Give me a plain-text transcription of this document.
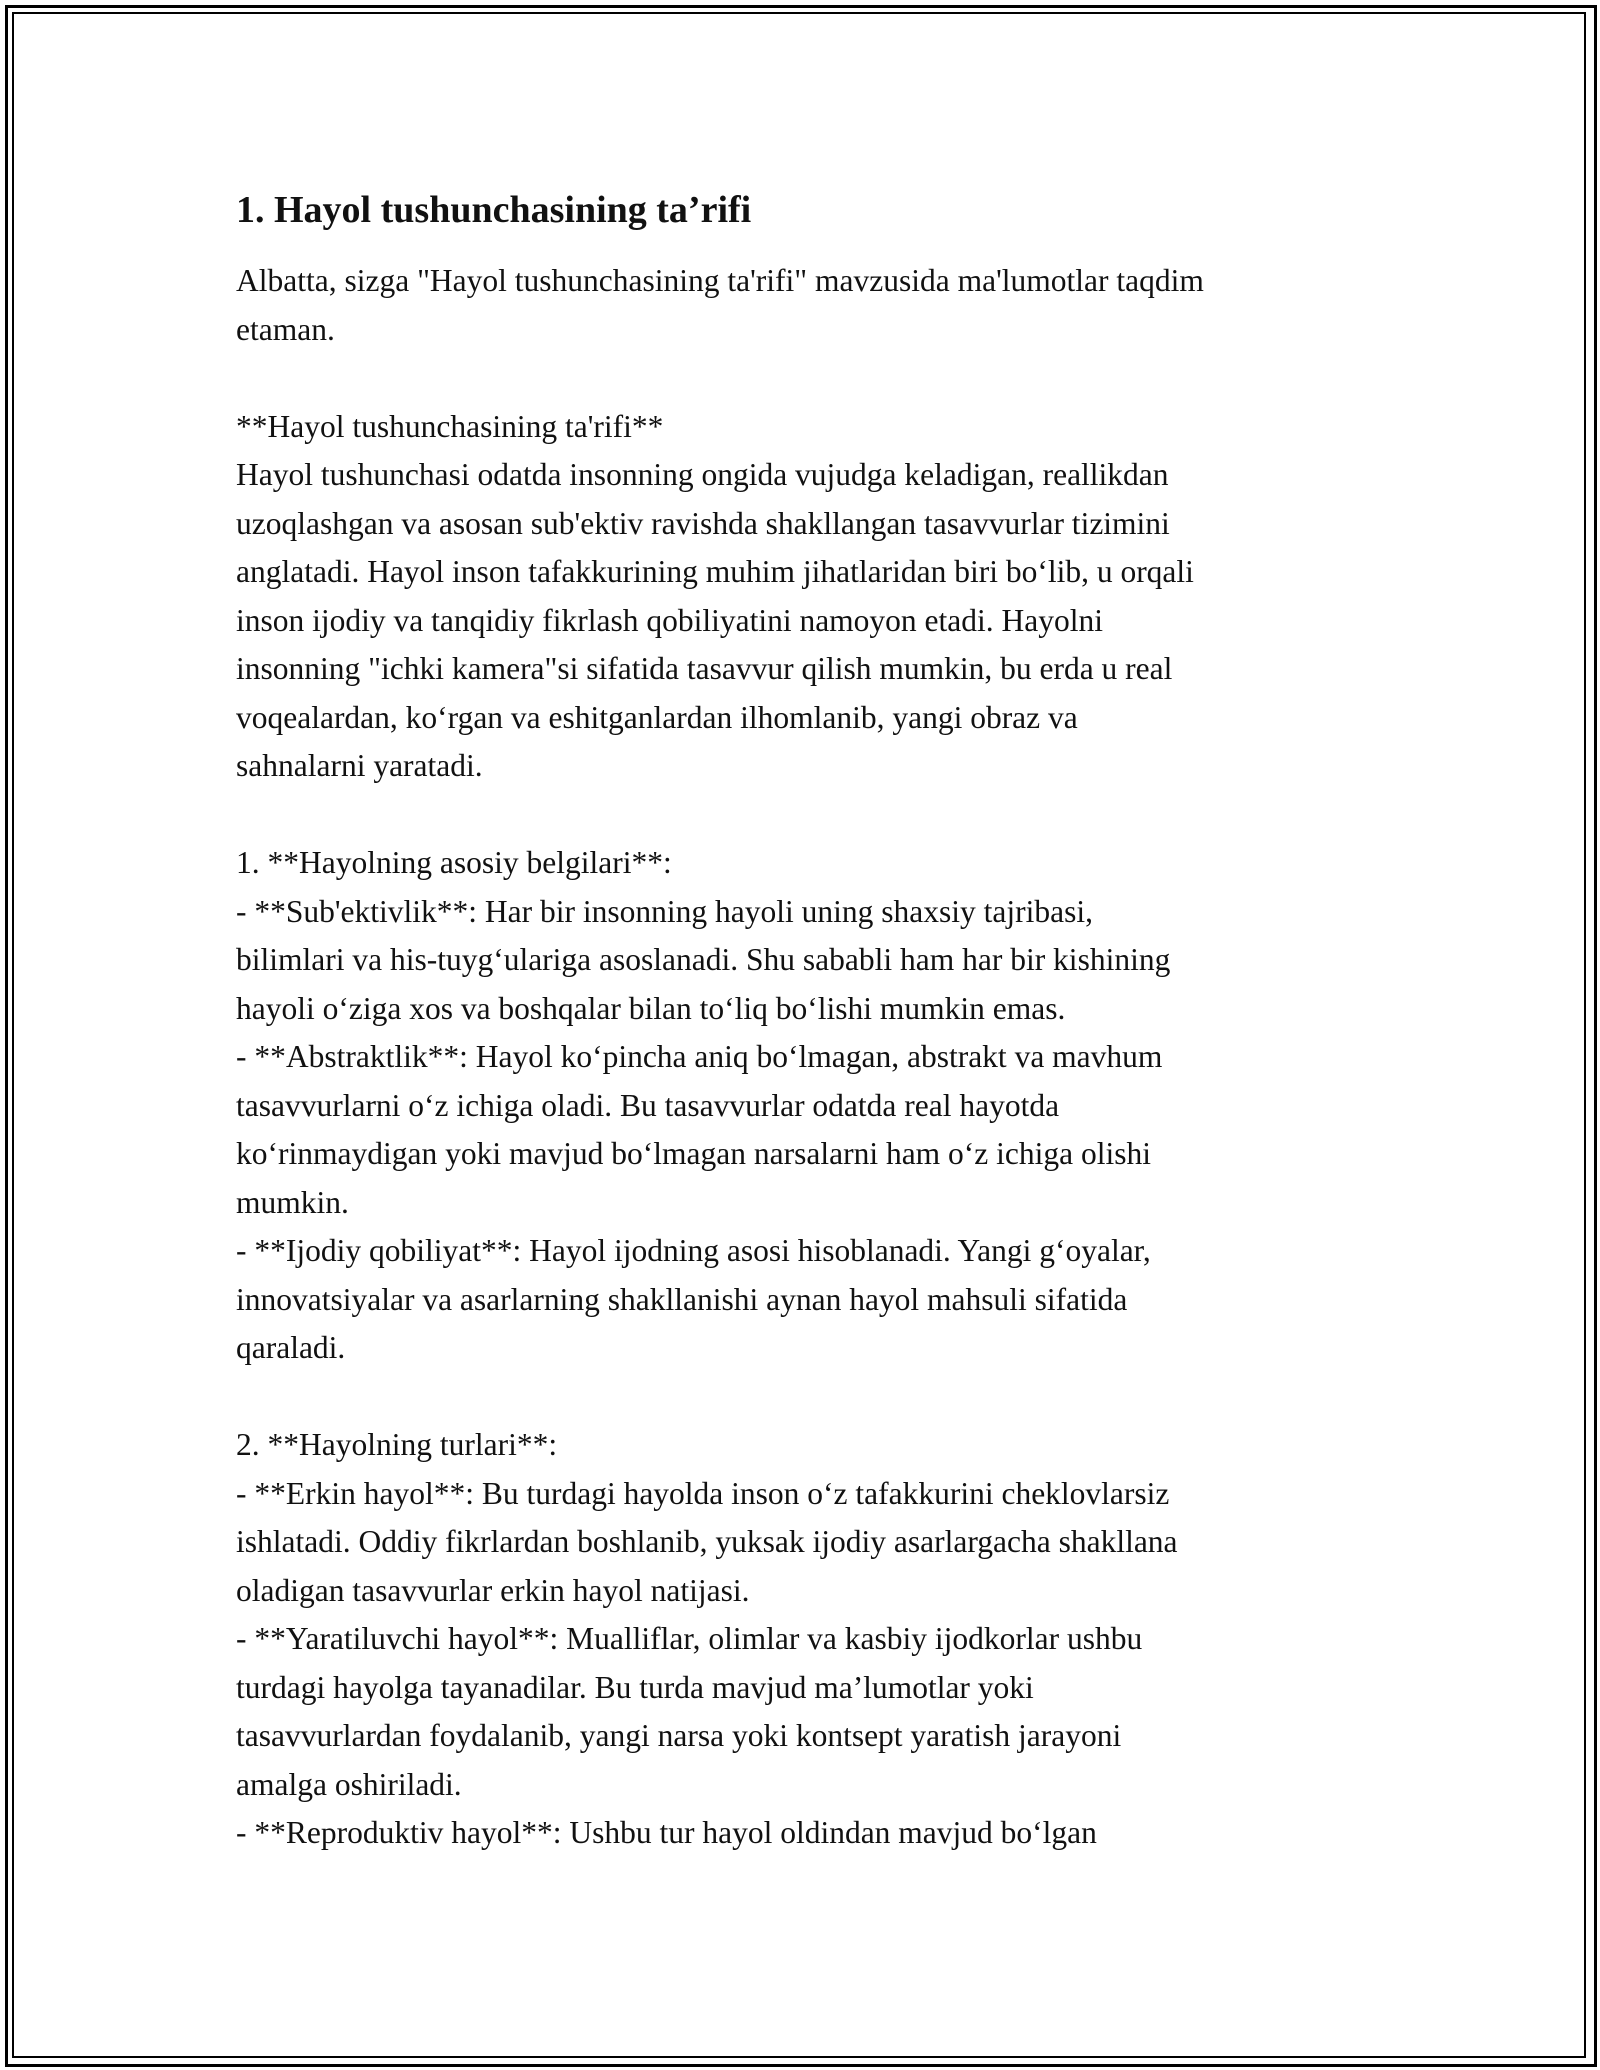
1. Hayol tushunchasining ta’rifi

Albatta, sizga "Hayol tushunchasining ta'rifi" mavzusida ma'lumotlar taqdim
etaman.

**Hayol tushunchasining ta'rifi**
Hayol tushunchasi odatda insonning ongida vujudga keladigan, reallikdan
uzoqlashgan va asosan sub'ektiv ravishda shakllangan tasavvurlar tizimini
anglatadi. Hayol inson tafakkurining muhim jihatlaridan biri bo‘lib, u orqali
inson ijodiy va tanqidiy fikrlash qobiliyatini namoyon etadi. Hayolni
insonning "ichki kamera"si sifatida tasavvur qilish mumkin, bu erda u real
voqealardan, ko‘rgan va eshitganlardan ilhomlanib, yangi obraz va
sahnalarni yaratadi.

1. **Hayolning asosiy belgilari**:
- **Sub'ektivlik**: Har bir insonning hayoli uning shaxsiy tajribasi,
bilimlari va his-tuyg‘ulariga asoslanadi. Shu sababli ham har bir kishining
hayoli o‘ziga xos va boshqalar bilan to‘liq bo‘lishi mumkin emas.
- **Abstraktlik**: Hayol ko‘pincha aniq bo‘lmagan, abstrakt va mavhum
tasavvurlarni o‘z ichiga oladi. Bu tasavvurlar odatda real hayotda
ko‘rinmaydigan yoki mavjud bo‘lmagan narsalarni ham o‘z ichiga olishi
mumkin.
- **Ijodiy qobiliyat**: Hayol ijodning asosi hisoblanadi. Yangi g‘oyalar,
innovatsiyalar va asarlarning shakllanishi aynan hayol mahsuli sifatida
qaraladi.

2. **Hayolning turlari**:
- **Erkin hayol**: Bu turdagi hayolda inson o‘z tafakkurini cheklovlarsiz
ishlatadi. Oddiy fikrlardan boshlanib, yuksak ijodiy asarlargacha shakllana
oladigan tasavvurlar erkin hayol natijasi.
- **Yaratiluvchi hayol**: Mualliflar, olimlar va kasbiy ijodkorlar ushbu
turdagi hayolga tayanadilar. Bu turda mavjud ma’lumotlar yoki
tasavvurlardan foydalanib, yangi narsa yoki kontsept yaratish jarayoni
amalga oshiriladi.
- **Reproduktiv hayol**: Ushbu tur hayol oldindan mavjud bo‘lgan
